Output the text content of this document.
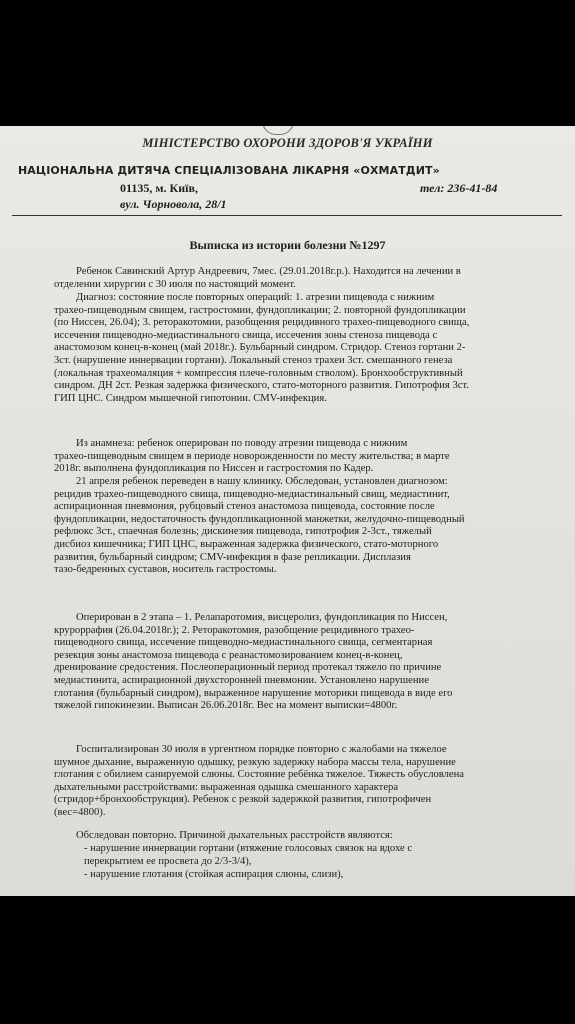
МІНІСТЕРСТВО ОХОРОНИ ЗДОРОВ'Я УКРАЇНИ
НАЦІОНАЛЬНА ДИТЯЧА СПЕЦІАЛІЗОВАНА ЛІКАРНЯ «ОХМАТДИТ»
01135, м. Київ,	тел: 236-41-84
вул. Чорновола, 28/1
Выписка из истории болезни №1297

Ребенок Савинский Артур Андреевич, 7мес. (29.01.2018г.р.). Находится на лечении в
отделении хирургии с 30 июля по настоящий момент.

Диагноз: состояние после повторных операций: 1. атрезии пищевода с нижним
трахео-пищеводным свищем, гастростомии, фундопликации; 2. повторной фундопликации
(по Ниссен, 26.04); 3. реторакотомии, разобщения рецидивного трахео-пищеводного свища,
иссечения пищеводно-медиастинального свища, иссечения зоны стеноза пищевода с
анастомозом конец-в-конец (май 2018г.). Бульбарный синдром. Стридор. Стеноз гортани 2-
3ст. (нарушение иннервации гортани). Локальный стеноз трахеи 3ст. смешанного генеза
(локальная трахеомаляция + компрессия плече-головным стволом). Бронхообструктивный
синдром. ДН 2ст. Резкая задержка физического, стато-моторного развития. Гипотрофия 3ст.
ГИП ЦНС. Синдром мышечной гипотонии. CMV-инфекция.

Из анамнеза: ребенок оперирован по поводу атрезии пищевода с нижним
трахео-пищеводным свищем в периоде новорожденности по месту жительства; в марте
2018г. выполнена фундопликация по Ниссен и гастростомия по Кадер.

21 апреля ребенок переведен в нашу клинику. Обследован, установлен диагнозом:
рецидив трахео-пищеводного свища, пищеводно-медиастинальный свищ, медиастинит,
аспирационная пневмония, рубцовый стеноз анастомоза пищевода, состояние после
фундопликации, недостаточность фундопликационной манжетки, желудочно-пищеводный
рефлюкс 3ст., спаечная болезнь; дискинезия пищевода, гипотрофия 2-3ст., тяжелый
дисбиоз кишечника; ГИП ЦНС, выраженная задержка физического, стато-моторного
развития, бульбарный синдром; CMV-инфекция в фазе репликации. Дисплазия
тазо-бедренных суставов, носитель гастростомы.

Оперирован в 2 этапа – 1. Релапаротомия, висцеролиз, фундопликация по Ниссен,
круроррафия (26.04.2018г.); 2. Реторакотомия, разобщение рецидивного трахео-
пищеводного свища, иссечение пищеводно-медиастинального свища, сегментарная
резекция зоны анастомоза пищевода с реанастомозированием конец-в-конец,
дренирование средостения. Послеоперационный период протекал тяжело по причине
медиастинита, аспирационной двухсторонней пневмонии. Установлено нарушение
глотания (бульбарный синдром), выраженное нарушение моторики пищевода в виде его
тяжелой гипокинезии. Выписан 26.06.2018г. Вес на момент выписки=4800г.

Госпитализирован 30 июля в ургентном порядке повторно с жалобами на тяжелое
шумное дыхание, выраженную одышку, резкую задержку набора массы тела, нарушение
глотания с обилием санируемой слюны. Состояние ребёнка тяжелое. Тяжесть обусловлена
дыхательными расстройствами: выраженная одышка смешанного характера
(стридор+бронхообструкция). Ребенок с резкой задержкой развития, гипотрофичен
(вес=4800).

Обследован повторно. Причиной дыхательных расстройств являются:

- нарушение иннервации гортани (втяжение голосовых связок на вдохе с
перекрытием ее просвета до 2/3-3/4),

- нарушение глотания (стойкая аспирация слюны, слизи),
